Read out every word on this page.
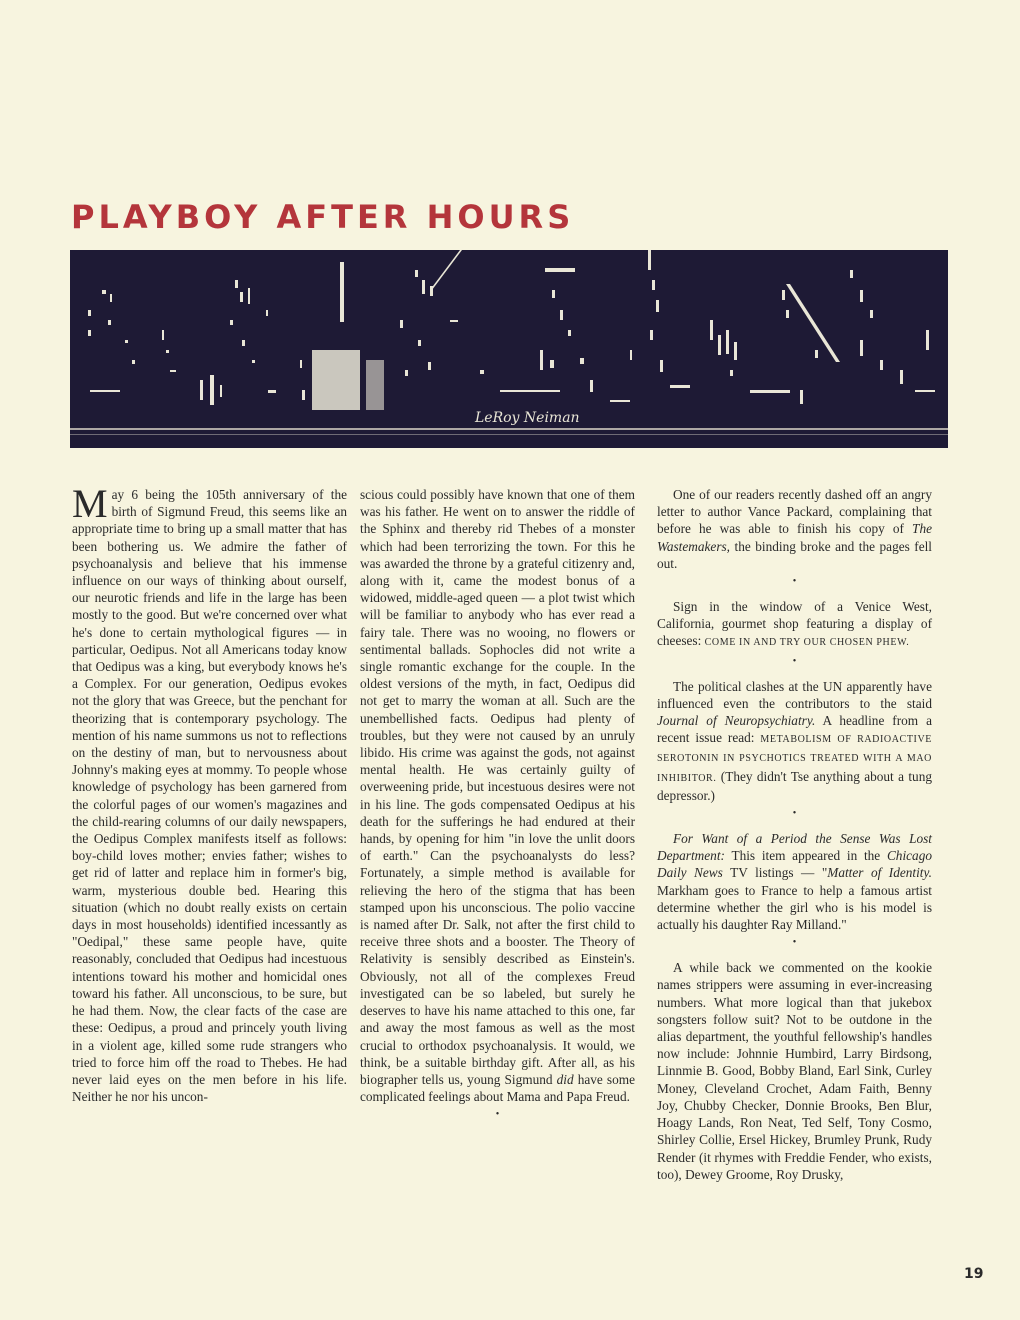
PLAYBOY AFTER HOURS
LeRoy Neiman

May 6 being the 105th anniversary of the birth of Sigmund Freud, this seems like an appropriate time to bring up a small matter that has been bothering us. We admire the father of psychoanalysis and believe that his immense influence on our ways of thinking about ourself, our neurotic friends and life in the large has been mostly to the good. But we're concerned over what he's done to certain mythological figures — in particular, Oedipus. Not all Americans today know that Oedipus was a king, but everybody knows he's a Complex. For our generation, Oedipus evokes not the glory that was Greece, but the penchant for theorizing that is contemporary psychology. The mention of his name summons us not to reflections on the destiny of man, but to nervousness about Johnny's making eyes at mommy. To people whose knowledge of psychology has been garnered from the colorful pages of our women's magazines and the child-rearing columns of our daily newspapers, the Oedipus Complex manifests itself as follows: boy-child loves mother; envies father; wishes to get rid of latter and replace him in former's big, warm, mysterious double bed. Hearing this situation (which no doubt really exists on certain days in most households) identified incessantly as "Oedipal," these same people have, quite reasonably, concluded that Oedipus had incestuous intentions toward his mother and homicidal ones toward his father. All unconscious, to be sure, but he had them. Now, the clear facts of the case are these: Oedipus, a proud and princely youth living in a violent age, killed some rude strangers who tried to force him off the road to Thebes. He had never laid eyes on the men before in his life. Neither he nor his uncon-

scious could possibly have known that one of them was his father. He went on to answer the riddle of the Sphinx and thereby rid Thebes of a monster which had been terrorizing the town. For this he was awarded the throne by a grateful citizenry and, along with it, came the modest bonus of a widowed, middle-aged queen — a plot twist which will be familiar to anybody who has ever read a fairy tale. There was no wooing, no flowers or sentimental ballads. Sophocles did not write a single romantic exchange for the couple. In the oldest versions of the myth, in fact, Oedipus did not get to marry the woman at all. Such are the unembellished facts. Oedipus had plenty of troubles, but they were not caused by an unruly libido. His crime was against the gods, not against mental health. He was certainly guilty of overweening pride, but incestuous desires were not in his line. The gods compensated Oedipus at his death for the sufferings he had endured at their hands, by opening for him "in love the unlit doors of earth." Can the psychoanalysts do less? Fortunately, a simple method is available for relieving the hero of the stigma that has been stamped upon his unconscious. The polio vaccine is named after Dr. Salk, not after the first child to receive three shots and a booster. The Theory of Relativity is sensibly described as Einstein's. Obviously, not all of the complexes Freud investigated can be so labeled, but surely he deserves to have his name attached to this one, far and away the most famous as well as the most crucial to orthodox psychoanalysis. It would, we think, be a suitable birthday gift. After all, as his biographer tells us, young Sigmund did have some complicated feelings about Mama and Papa Freud.

•

One of our readers recently dashed off an angry letter to author Vance Packard, complaining that before he was able to finish his copy of The Wastemakers, the binding broke and the pages fell out.

•

Sign in the window of a Venice West, California, gourmet shop featuring a display of cheeses: COME IN AND TRY OUR CHOSEN PHEW.

•

The political clashes at the UN apparently have influenced even the contributors to the staid Journal of Neuropsychiatry. A headline from a recent issue read: METABOLISM OF RADIOACTIVE SEROTONIN IN PSYCHOTICS TREATED WITH A MAO INHIBITOR. (They didn't Tse anything about a tung depressor.)

•

For Want of a Period the Sense Was Lost Department: This item appeared in the Chicago Daily News TV listings — "Matter of Identity. Markham goes to France to help a famous artist determine whether the girl who is his model is actually his daughter Ray Milland."

•

A while back we commented on the kookie names strippers were assuming in ever-increasing numbers. What more logical than that jukebox songsters follow suit? Not to be outdone in the alias department, the youthful fellowship's handles now include: Johnnie Humbird, Larry Birdsong, Linnmie B. Good, Bobby Bland, Earl Sink, Curley Money, Cleveland Crochet, Adam Faith, Benny Joy, Chubby Checker, Donnie Brooks, Ben Blur, Hoagy Lands, Ron Neat, Ted Self, Tony Cosmo, Shirley Collie, Ersel Hickey, Brumley Prunk, Rudy Render (it rhymes with Freddie Fender, who exists, too), Dewey Groome, Roy Drusky,

19
